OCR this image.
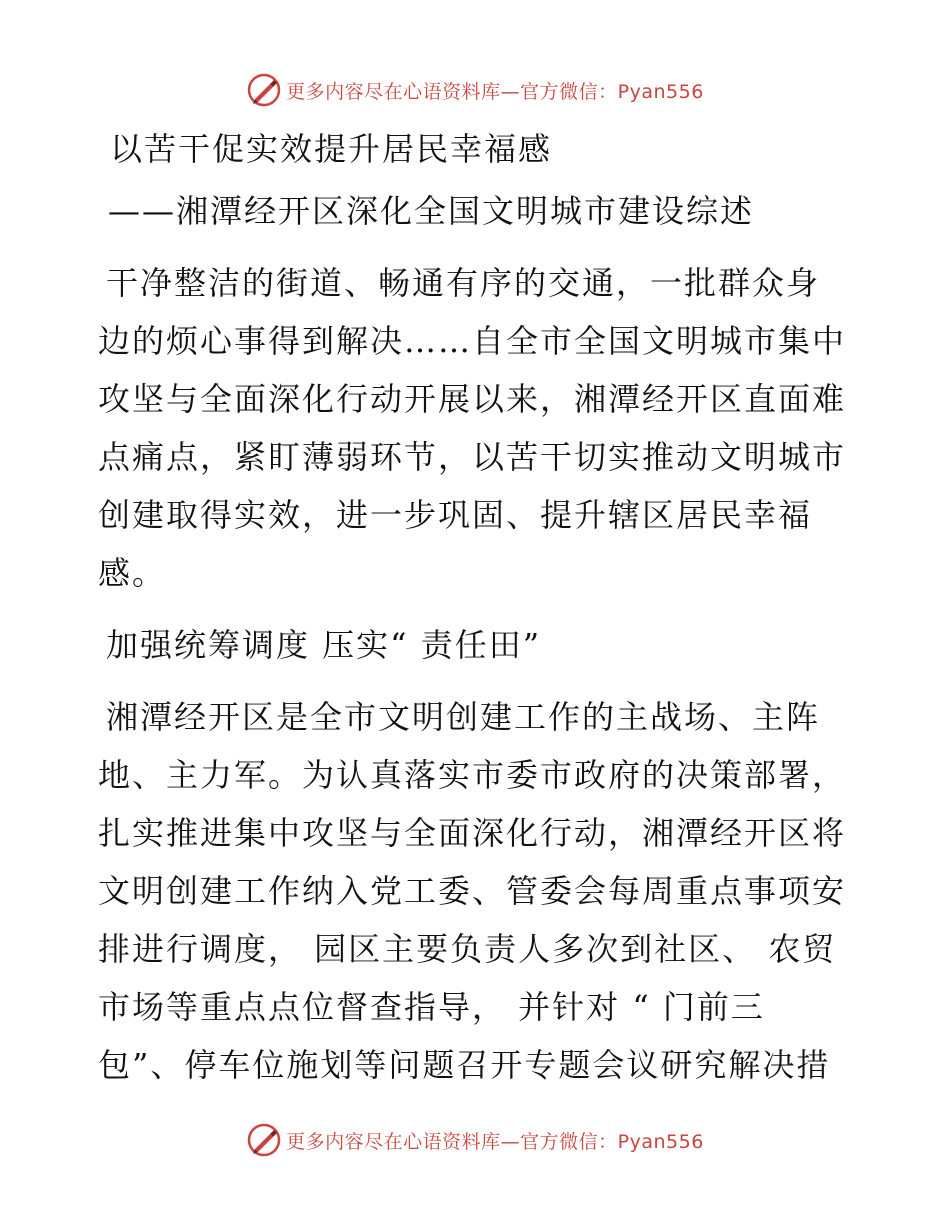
更多内容尽在心语资料库—官方微信：Pyan556
以苦干促实效提升居民幸福感
——湘潭经开区深化全国文明城市建设综述
干净整洁的街道、畅通有序的交通，一批群众身
边的烦心事得到解决……自全市全国文明城市集中
攻坚与全面深化行动开展以来，湘潭经开区直面难
点痛点，紧盯薄弱环节，以苦干切实推动文明城市
创建取得实效，进一步巩固、提升辖区居民幸福
感。
加强统筹调度 压实“ 责任田”
湘潭经开区是全市文明创建工作的主战场、主阵
地、主力军。为认真落实市委市政府的决策部署，
扎实推进集中攻坚与全面深化行动，湘潭经开区将
文明创建工作纳入党工委、管委会每周重点事项安
排进行调度， 园区主要负责人多次到社区、 农贸
市场等重点点位督查指导， 并针对 “ 门前三
包”、停车位施划等问题召开专题会议研究解决措
更多内容尽在心语资料库—官方微信：Pyan556
